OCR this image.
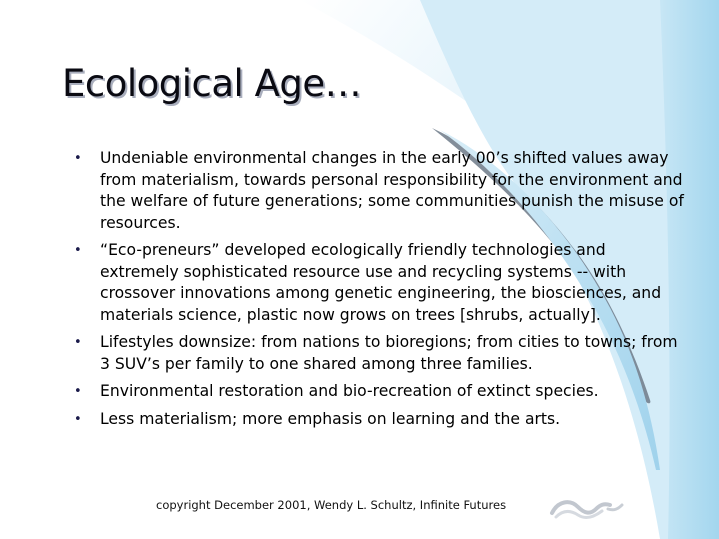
Ecological Age…
• Undeniable environmental changes in the early 00’s shifted values away from materialism, towards personal responsibility for the environment and the welfare of future generations; some communities punish the misuse of resources.
• “Eco-preneurs” developed ecologically friendly technologies and extremely sophisticated resource use and recycling systems -- with crossover innovations among genetic engineering, the biosciences, and materials science, plastic now grows on trees [shrubs, actually].
• Lifestyles downsize: from nations to bioregions; from cities to towns; from 3 SUV’s per family to one shared among three families.
• Environmental restoration and bio-recreation of extinct species.
• Less materialism; more emphasis on learning and the arts.
copyright December 2001, Wendy L. Schultz, Infinite Futures
